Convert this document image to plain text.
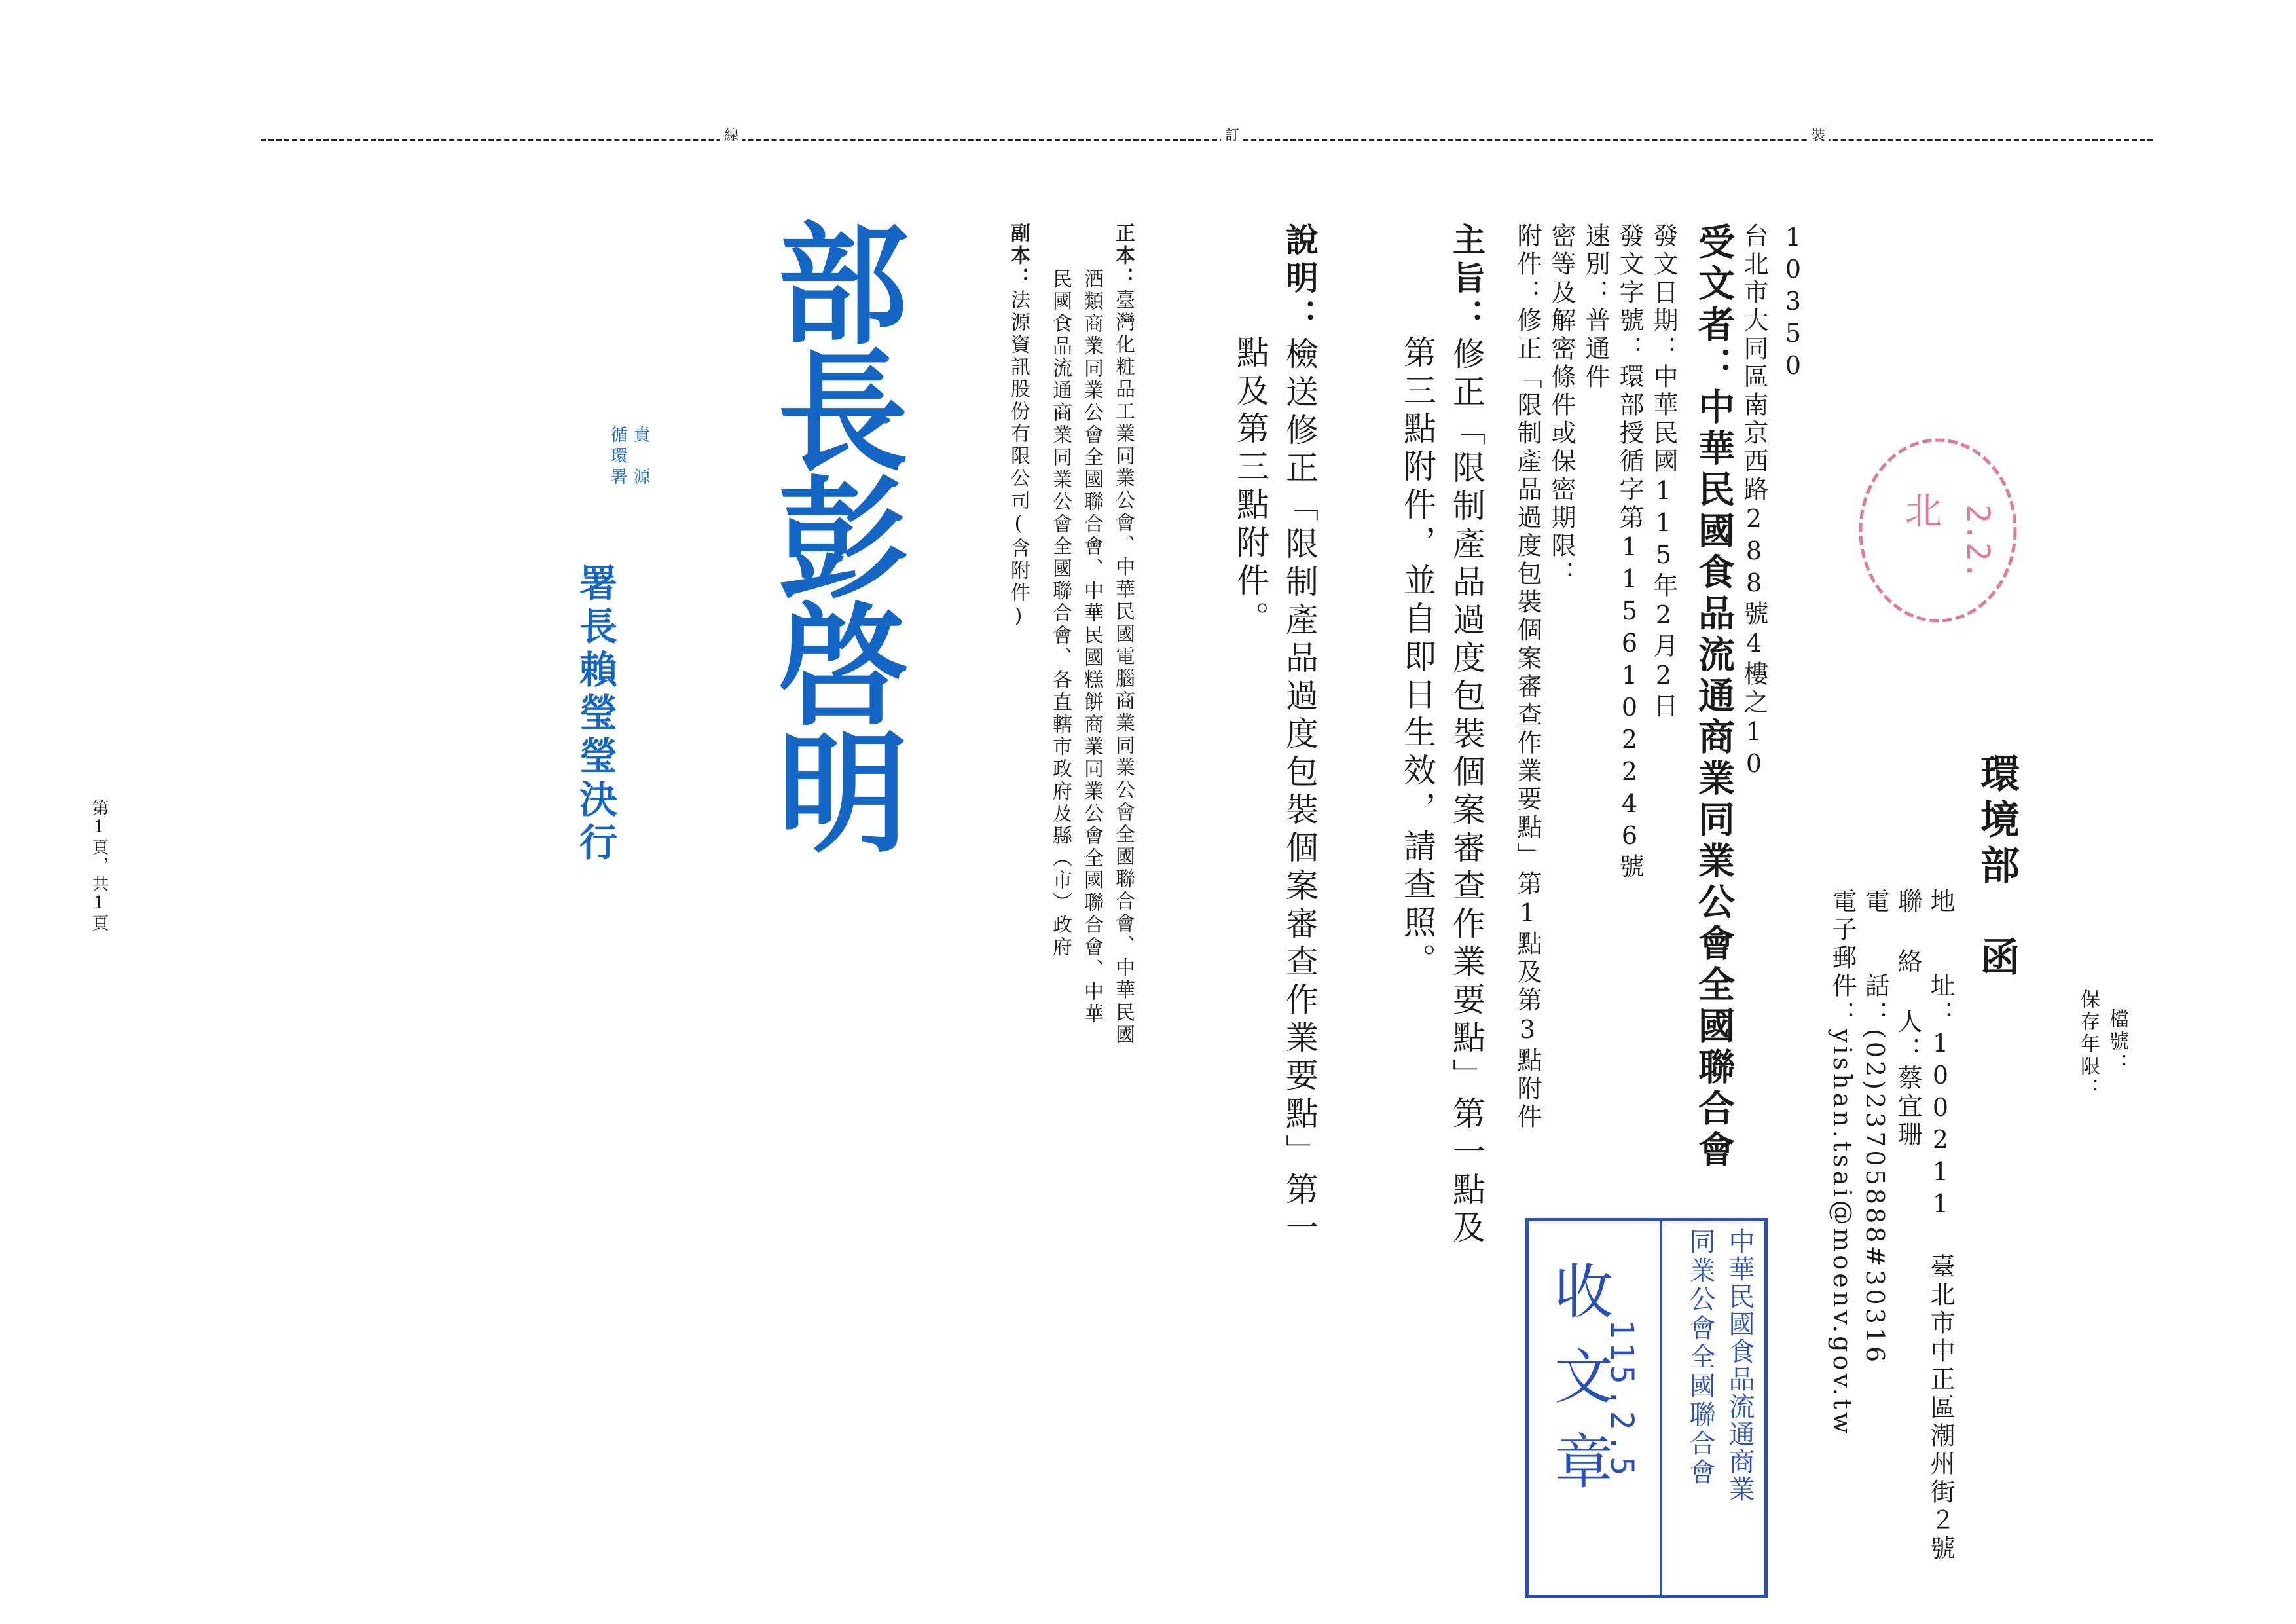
裝
訂
線
檔號：
保存年限：
環境部　函
地　　址：100211 臺北市中正區潮州街２號
聯 絡 人：蔡宜珊
電　　話：(02)23705888#30316
電子郵件：yishan.tsai@moenv.gov.tw
2.2.
北
10350
台北市大同區南京西路288號4樓之10
受文者：中華民國食品流通商業同業公會全國聯合會
發文日期：中華民國115年2月2日
發文字號：環部授循字第1156102246號
速別：普通件
密等及解密條件或保密期限：
附件：修正「限制產品過度包裝個案審查作業要點」第1點及第3點附件
主旨：修正「限制產品過度包裝個案審查作業要點」第一點及
第三點附件，並自即日生效，請查照。
說明：檢送修正「限制產品過度包裝個案審查作業要點」第一
點及第三點附件。
中華民國食品流通商業
同業公會全國聯合會
115.2.5
收文章
正本：臺灣化粧品工業同業公會、中華民國電腦商業同業公會全國聯合會、中華民國
酒類商業同業公會全國聯合會、中華民國糕餅商業同業公會全國聯合會、中華
民國食品流通商業同業公會全國聯合會、各直轄市政府及縣（市）政府
副本：法源資訊股份有限公司(含附件)
部長彭啓明
責　源
循環署
署長賴瑩瑩決行
第1頁，共1頁
